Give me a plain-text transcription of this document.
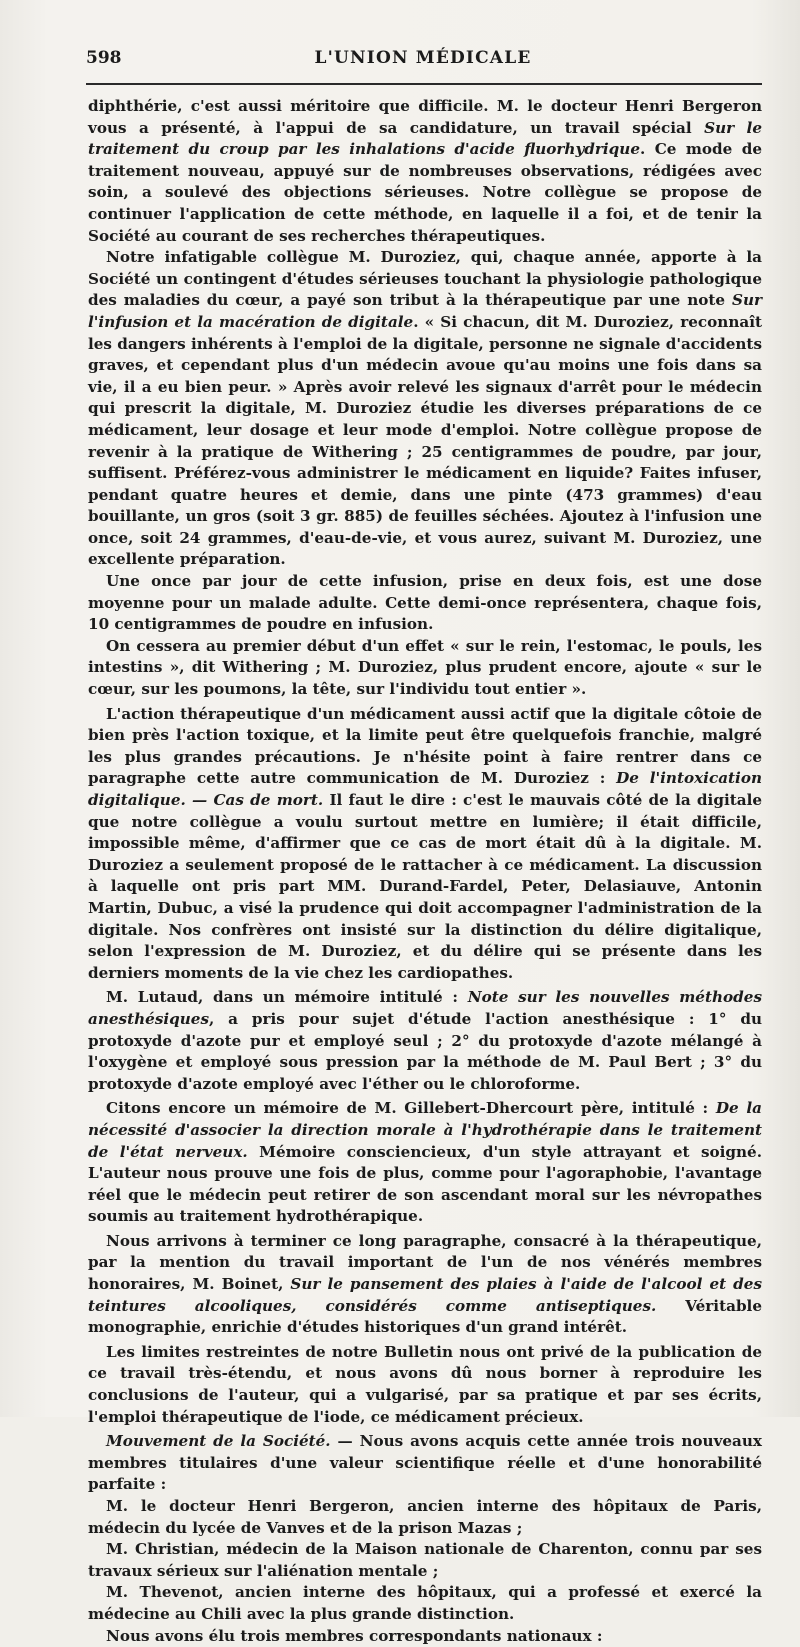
598	L'UNION MÉDICALE

diphthérie, c'est aussi méritoire que difficile. M. le docteur Henri Bergeron vous a présenté, à l'appui de sa candidature, un travail spécial Sur le traitement du croup par les inhalations d'acide fluorhydrique. Ce mode de traitement nouveau, appuyé sur de nombreuses observations, rédigées avec soin, a soulevé des objections sérieuses. Notre collègue se propose de continuer l'application de cette méthode, en laquelle il a foi, et de tenir la Société au courant de ses recherches thérapeutiques.

Notre infatigable collègue M. Duroziez, qui, chaque année, apporte à la Société un contingent d'études sérieuses touchant la physiologie pathologique des maladies du cœur, a payé son tribut à la thérapeutique par une note Sur l'infusion et la macération de digitale. « Si chacun, dit M. Duroziez, reconnaît les dangers inhérents à l'emploi de la digitale, personne ne signale d'accidents graves, et cependant plus d'un médecin avoue qu'au moins une fois dans sa vie, il a eu bien peur. » Après avoir relevé les signaux d'arrêt pour le médecin qui prescrit la digitale, M. Duroziez étudie les diverses préparations de ce médicament, leur dosage et leur mode d'emploi. Notre collègue propose de revenir à la pratique de Withering ; 25 centigrammes de poudre, par jour, suffisent. Préférez-vous administrer le médicament en liquide? Faites infuser, pendant quatre heures et demie, dans une pinte (473 grammes) d'eau bouillante, un gros (soit 3 gr. 885) de feuilles séchées. Ajoutez à l'infusion une once, soit 24 grammes, d'eau-de-vie, et vous aurez, suivant M. Duroziez, une excellente préparation.

Une once par jour de cette infusion, prise en deux fois, est une dose moyenne pour un malade adulte. Cette demi-once représentera, chaque fois, 10 centigrammes de poudre en infusion.

On cessera au premier début d'un effet « sur le rein, l'estomac, le pouls, les intestins », dit Withering ; M. Duroziez, plus prudent encore, ajoute « sur le cœur, sur les poumons, la tête, sur l'individu tout entier ».

L'action thérapeutique d'un médicament aussi actif que la digitale côtoie de bien près l'action toxique, et la limite peut être quelquefois franchie, malgré les plus grandes précautions. Je n'hésite point à faire rentrer dans ce paragraphe cette autre communication de M. Duroziez : De l'intoxication digitalique. — Cas de mort. Il faut le dire : c'est le mauvais côté de la digitale que notre collègue a voulu surtout mettre en lumière; il était difficile, impossible même, d'affirmer que ce cas de mort était dû à la digitale. M. Duroziez a seulement proposé de le rattacher à ce médicament. La discussion à laquelle ont pris part MM. Durand-Fardel, Peter, Delasiauve, Antonin Martin, Dubuc, a visé la prudence qui doit accompagner l'administration de la digitale. Nos confrères ont insisté sur la distinction du délire digitalique, selon l'expression de M. Duroziez, et du délire qui se présente dans les derniers moments de la vie chez les cardiopathes.

M. Lutaud, dans un mémoire intitulé : Note sur les nouvelles méthodes anesthésiques, a pris pour sujet d'étude l'action anesthésique : 1° du protoxyde d'azote pur et employé seul ; 2° du protoxyde d'azote mélangé à l'oxygène et employé sous pression par la méthode de M. Paul Bert ; 3° du protoxyde d'azote employé avec l'éther ou le chloroforme.

Citons encore un mémoire de M. Gillebert-Dhercourt père, intitulé : De la nécessité d'associer la direction morale à l'hydrothérapie dans le traitement de l'état nerveux. Mémoire consciencieux, d'un style attrayant et soigné. L'auteur nous prouve une fois de plus, comme pour l'agoraphobie, l'avantage réel que le médecin peut retirer de son ascendant moral sur les névropathes soumis au traitement hydrothérapique.

Nous arrivons à terminer ce long paragraphe, consacré à la thérapeutique, par la mention du travail important de l'un de nos vénérés membres honoraires, M. Boinet, Sur le pansement des plaies à l'aide de l'alcool et des teintures alcooliques, considérés comme antiseptiques. Véritable monographie, enrichie d'études historiques d'un grand intérêt.

Les limites restreintes de notre Bulletin nous ont privé de la publication de ce travail très-étendu, et nous avons dû nous borner à reproduire les conclusions de l'auteur, qui a vulgarisé, par sa pratique et par ses écrits, l'emploi thérapeutique de l'iode, ce médicament précieux.

Mouvement de la Société. — Nous avons acquis cette année trois nouveaux membres titulaires d'une valeur scientifique réelle et d'une honorabilité parfaite :

M. le docteur Henri Bergeron, ancien interne des hôpitaux de Paris, médecin du lycée de Vanves et de la prison Mazas ;

M. Christian, médecin de la Maison nationale de Charenton, connu par ses travaux sérieux sur l'aliénation mentale ;

M. Thevenot, ancien interne des hôpitaux, qui a professé et exercé la médecine au Chili avec la plus grande distinction.

Nous avons élu trois membres correspondants nationaux :
